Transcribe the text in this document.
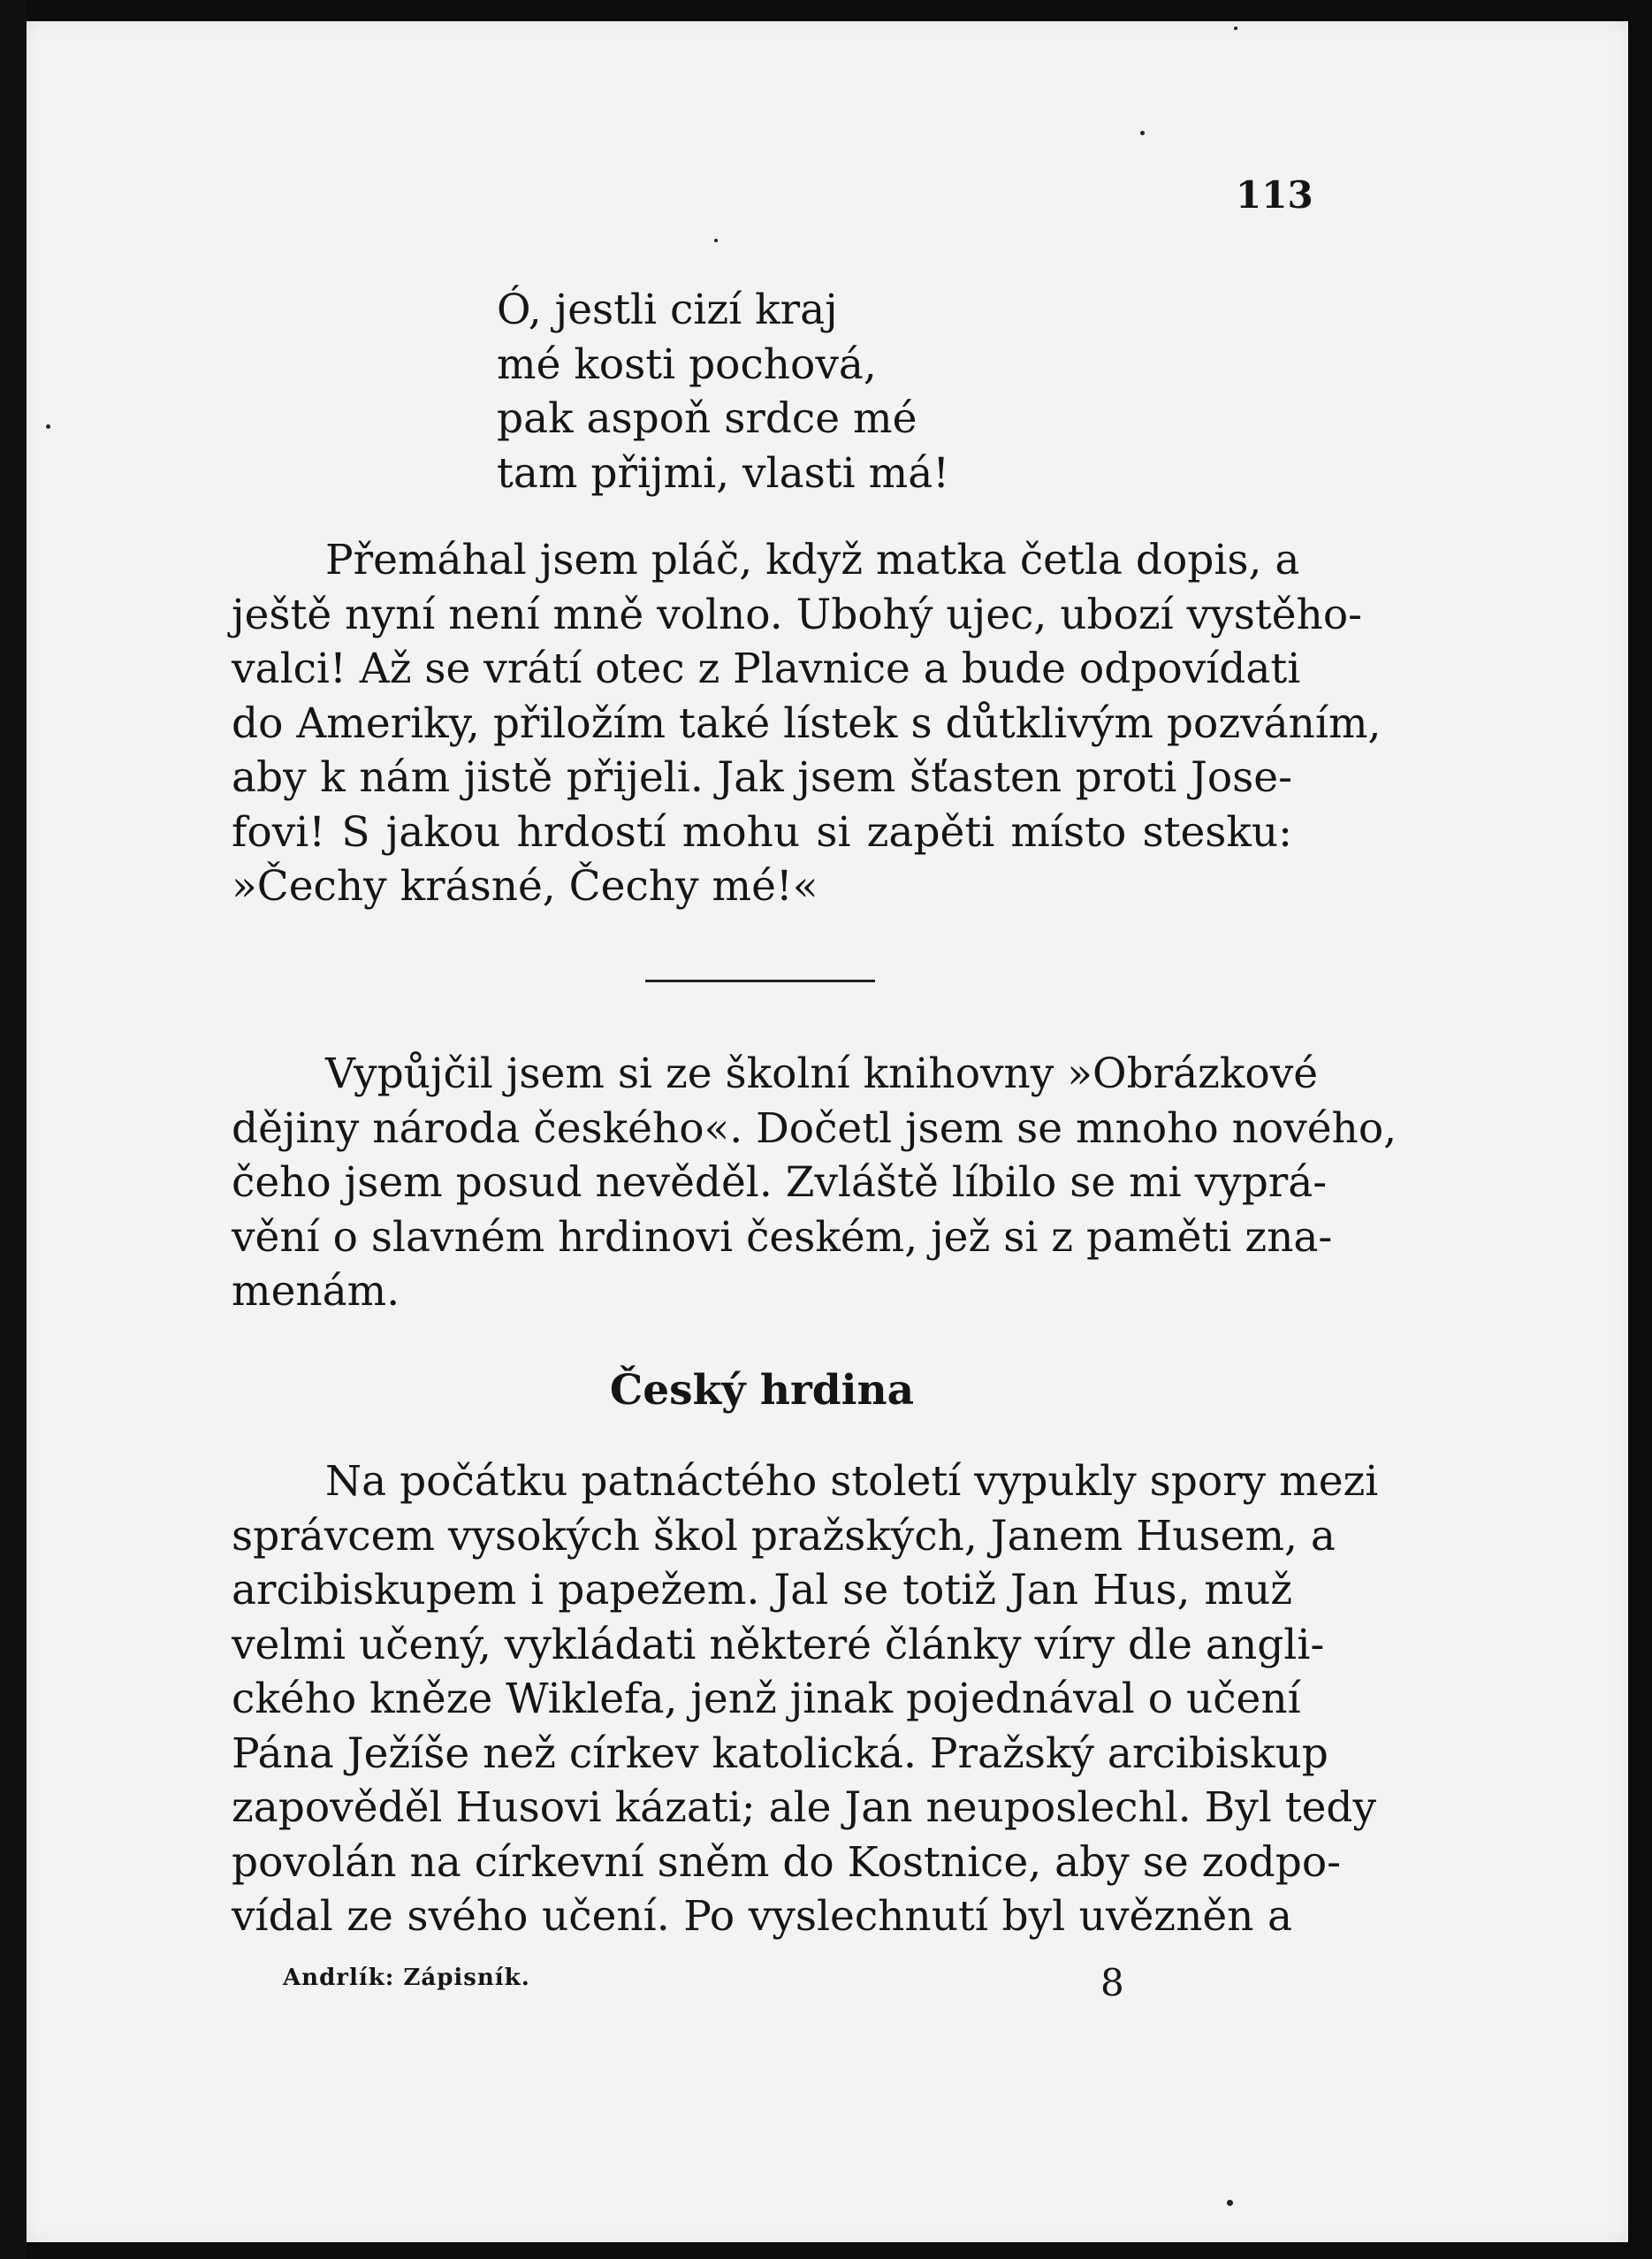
113
Ó, jestli cizí kraj
mé kosti pochová,
pak aspoň srdce mé
tam přijmi, vlasti má!
Přemáhal jsem pláč, když matka četla dopis, a
ještě nyní není mně volno. Ubohý ujec, ubozí vystěho-
valci! Až se vrátí otec z Plavnice a bude odpovídati
do Ameriky, přiložím také lístek s důtklivým pozváním,
aby k nám jistě přijeli. Jak jsem šťasten proti Jose-
fovi! S jakou hrdostí mohu si zapěti místo stesku:
»Čechy krásné, Čechy mé!«
Vypůjčil jsem si ze školní knihovny »Obrázkové
dějiny národa českého«. Dočetl jsem se mnoho nového,
čeho jsem posud nevěděl. Zvláště líbilo se mi vyprá-
vění o slavném hrdinovi českém, jež si z paměti zna-
menám.
Český hrdina
Na počátku patnáctého století vypukly spory mezi
správcem vysokých škol pražských, Janem Husem, a
arcibiskupem i papežem. Jal se totiž Jan Hus, muž
velmi učený, vykládati některé články víry dle angli-
ckého kněze Wiklefa, jenž jinak pojednával o učení
Pána Ježíše než církev katolická. Pražský arcibiskup
zapověděl Husovi kázati; ale Jan neuposlechl. Byl tedy
povolán na církevní sněm do Kostnice, aby se zodpo-
vídal ze svého učení. Po vyslechnutí byl uvězněn a
Andrlík: Zápisník.	8
